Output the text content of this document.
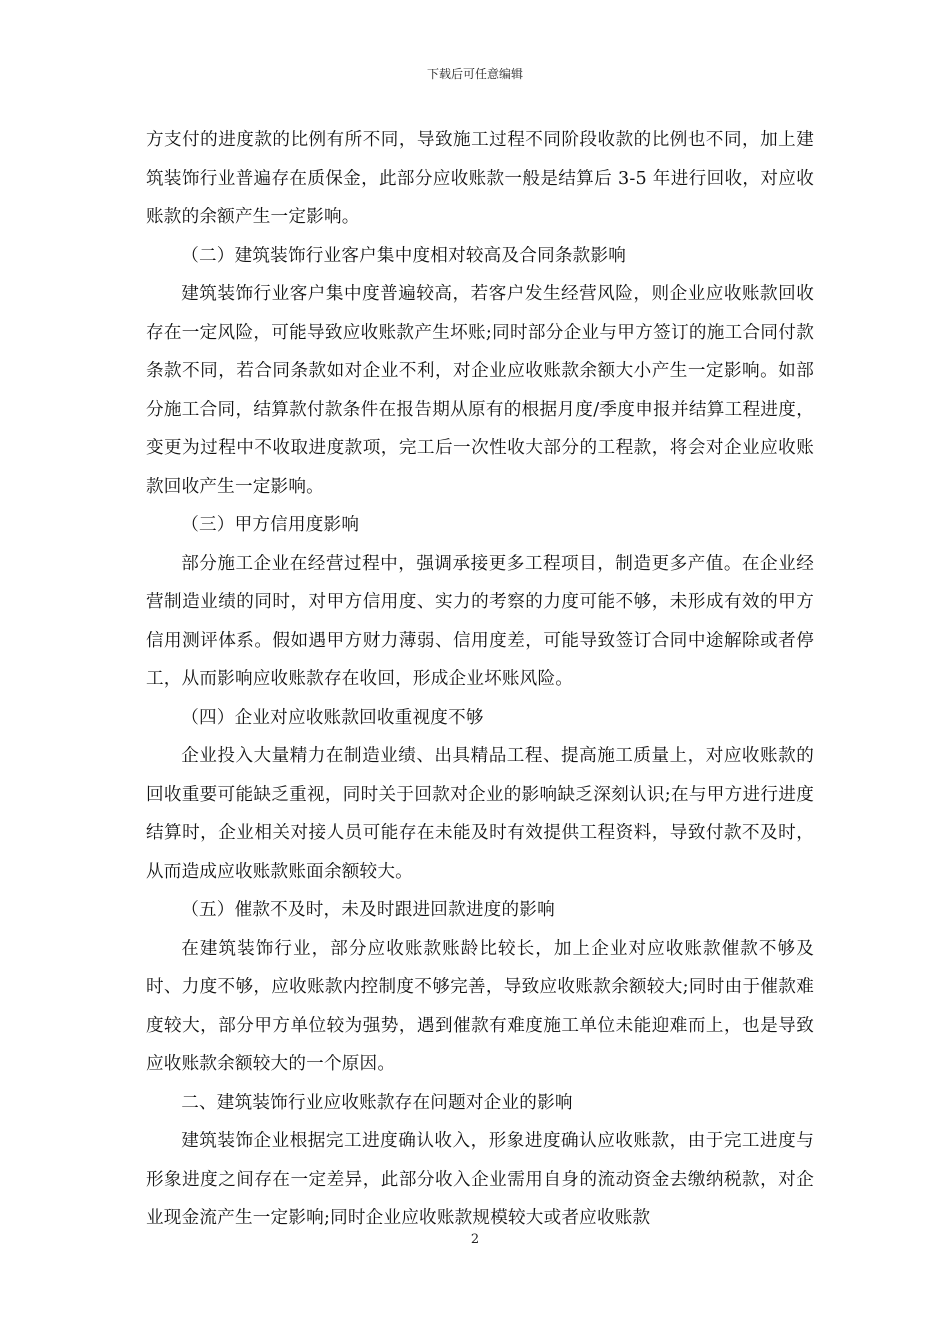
下载后可任意编辑

方支付的进度款的比例有所不同，导致施工过程不同阶段收款的比例也不同，加上建筑装饰行业普遍存在质保金，此部分应收账款一般是结算后 3-5 年进行回收，对应收账款的余额产生一定影响。

（二）建筑装饰行业客户集中度相对较高及合同条款影响

建筑装饰行业客户集中度普遍较高，若客户发生经营风险，则企业应收账款回收存在一定风险，可能导致应收账款产生坏账;同时部分企业与甲方签订的施工合同付款条款不同，若合同条款如对企业不利，对企业应收账款余额大小产生一定影响。如部分施工合同，结算款付款条件在报告期从原有的根据月度/季度申报并结算工程进度，变更为过程中不收取进度款项，完工后一次性收大部分的工程款，将会对企业应收账款回收产生一定影响。

（三）甲方信用度影响

部分施工企业在经营过程中，强调承接更多工程项目，制造更多产值。在企业经营制造业绩的同时，对甲方信用度、实力的考察的力度可能不够，未形成有效的甲方信用测评体系。假如遇甲方财力薄弱、信用度差，可能导致签订合同中途解除或者停工，从而影响应收账款存在收回，形成企业坏账风险。

（四）企业对应收账款回收重视度不够

企业投入大量精力在制造业绩、出具精品工程、提高施工质量上，对应收账款的回收重要可能缺乏重视，同时关于回款对企业的影响缺乏深刻认识;在与甲方进行进度结算时，企业相关对接人员可能存在未能及时有效提供工程资料，导致付款不及时，从而造成应收账款账面余额较大。

（五）催款不及时，未及时跟进回款进度的影响

在建筑装饰行业，部分应收账款账龄比较长，加上企业对应收账款催款不够及时、力度不够，应收账款内控制度不够完善，导致应收账款余额较大;同时由于催款难度较大，部分甲方单位较为强势，遇到催款有难度施工单位未能迎难而上，也是导致应收账款余额较大的一个原因。

二、建筑装饰行业应收账款存在问题对企业的影响

建筑装饰企业根据完工进度确认收入，形象进度确认应收账款，由于完工进度与形象进度之间存在一定差异，此部分收入企业需用自身的流动资金去缴纳税款，对企业现金流产生一定影响;同时企业应收账款规模较大或者应收账款

2
